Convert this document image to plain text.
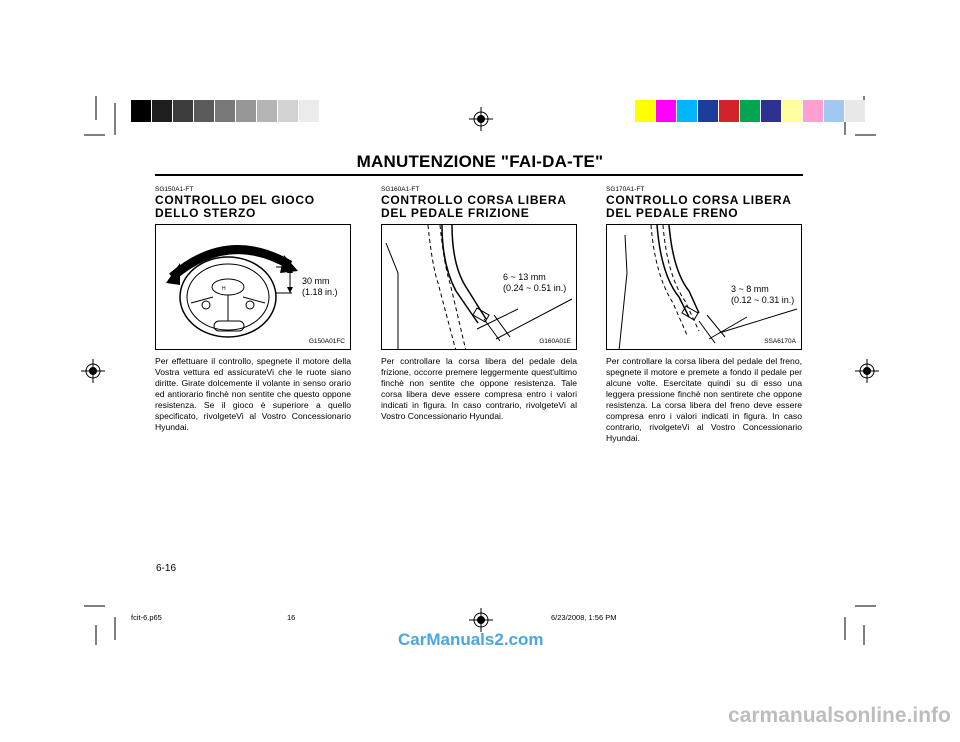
MANUTENZIONE "FAI-DA-TE"
SG150A1-FT
CONTROLLO DEL GIOCO DELLO STERZO
H
30 mm
(1.18 in.)
G150A01FC
Per effettuare il controllo, spegnete il motore della Vostra vettura ed assicurateVi che le ruote siano diritte. Girate dolcemente il volante in senso orario ed antiorario finchè non sentite che questo oppone resistenza. Se il gioco è superiore a quello specificato, rivolgeteVi al Vostro Concessionario Hyundai.
SG160A1-FT
CONTROLLO CORSA LIBERA DEL PEDALE FRIZIONE
6 ~ 13 mm
(0.24 ~ 0.51 in.)
G160A01E
Per controllare la corsa libera del pedale dela frizione, occorre premere leggermente quest'ultimo finchè non sentite che oppone resistenza. Tale corsa libera deve essere compresa entro i valori indicati in figura. In caso contrario, rivolgeteVi al Vostro Concessionario Hyundai.
SG170A1-FT
CONTROLLO CORSA LIBERA DEL PEDALE FRENO
3 ~ 8 mm
(0.12 ~ 0.31 in.)
SSA6170A
Per controllare la corsa libera del pedale del freno, spegnete il motore e premete a fondo il pedale per alcune volte. Esercitate quindi su di esso una leggera pressione finchè non sentirete che oppone resistenza. La corsa libera del freno deve essere compresa enro i valori indicati in figura. In caso contrario, rivolgeteVi al Vostro Concessionario Hyundai.
6-16
fcit-6.p65	16	6/23/2008, 1:56 PM
CarManuals2.com
carmanualsonline.info
